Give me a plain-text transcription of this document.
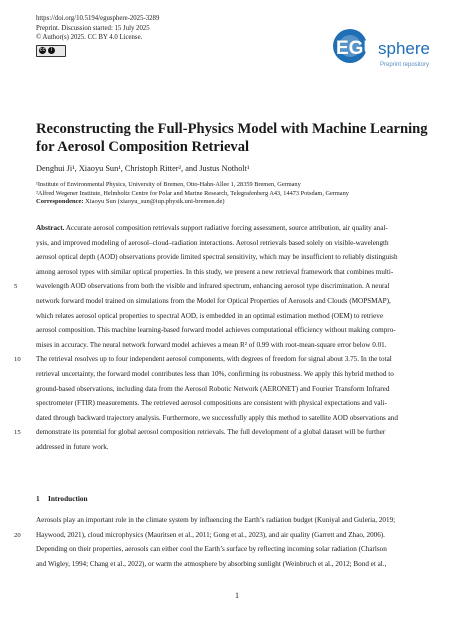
https://doi.org/10.5194/egusphere-2025-3289
Preprint. Discussion started: 15 July 2025
© Author(s) 2025. CC BY 4.0 License.
cc	i	EGU sphere
Preprint repository
Reconstructing the Full-Physics Model with Machine Learning for Aerosol Composition Retrieval
Denghui Ji¹, Xiaoyu Sun¹, Christoph Ritter², and Justus Notholt¹
¹Institute of Environmental Physics, University of Bremen, Otto-Hahn-Allee 1, 28359 Bremen, Germany
²Alfred Wegener Institute, Helmholtz Centre for Polar and Marine Research, Telegrafenberg A43, 14473 Potsdam, Germany
Correspondence: Xiaoyu Sun (xiaoyu_sun@iup.physik.uni-bremen.de)
Abstract. Accurate aerosol composition retrievals support radiative forcing assessment, source attribution, air quality anal-
ysis, and improved modeling of aerosol–cloud–radiation interactions. Aerosol retrievals based solely on visible-wavelength
aerosol optical depth (AOD) observations provide limited spectral sensitivity, which may be insufficient to reliably distinguish
among aerosol types with similar optical properties. In this study, we present a new retrieval framework that combines multi-
wavelength AOD observations from both the visible and infrared spectrum, enhancing aerosol type discrimination. A neural
5
network forward model trained on simulations from the Model for Optical Properties of Aerosols and Clouds (MOPSMAP),
which relates aerosol optical properties to spectral AOD, is embedded in an optimal estimation method (OEM) to retrieve
aerosol composition. This machine learning-based forward model achieves computational efficiency without making compro-
mises in accuracy. The neural network forward model achieves a mean R² of 0.99 with root-mean-square error below 0.01.
The retrieval resolves up to four independent aerosol components, with degrees of freedom for signal about 3.75. In the total
10
retrieval uncertainty, the forward model contributes less than 10%, confirming its robustness. We apply this hybrid method to
ground-based observations, including data from the Aerosol Robotic Network (AERONET) and Fourier Transform Infrared
spectrometer (FTIR) measurements. The retrieved aerosol compositions are consistent with physical expectations and vali-
dated through backward trajectory analysis. Furthermore, we successfully apply this method to satellite AOD observations and
demonstrate its potential for global aerosol composition retrievals. The full development of a global dataset will be further
15
addressed in future work.
1 Introduction
Aerosols play an important role in the climate system by influencing the Earth’s radiation budget (Kuniyal and Guleria, 2019;
Haywood, 2021), cloud microphysics (Mauritsen et al., 2011; Gong et al., 2023), and air quality (Garrett and Zhao, 2006).
20
Depending on their properties, aerosols can either cool the Earth’s surface by reflecting incoming solar radiation (Charlson
and Wigley, 1994; Chang et al., 2022), or warm the atmosphere by absorbing sunlight (Weinbruch et al., 2012; Bond et al.,
1
